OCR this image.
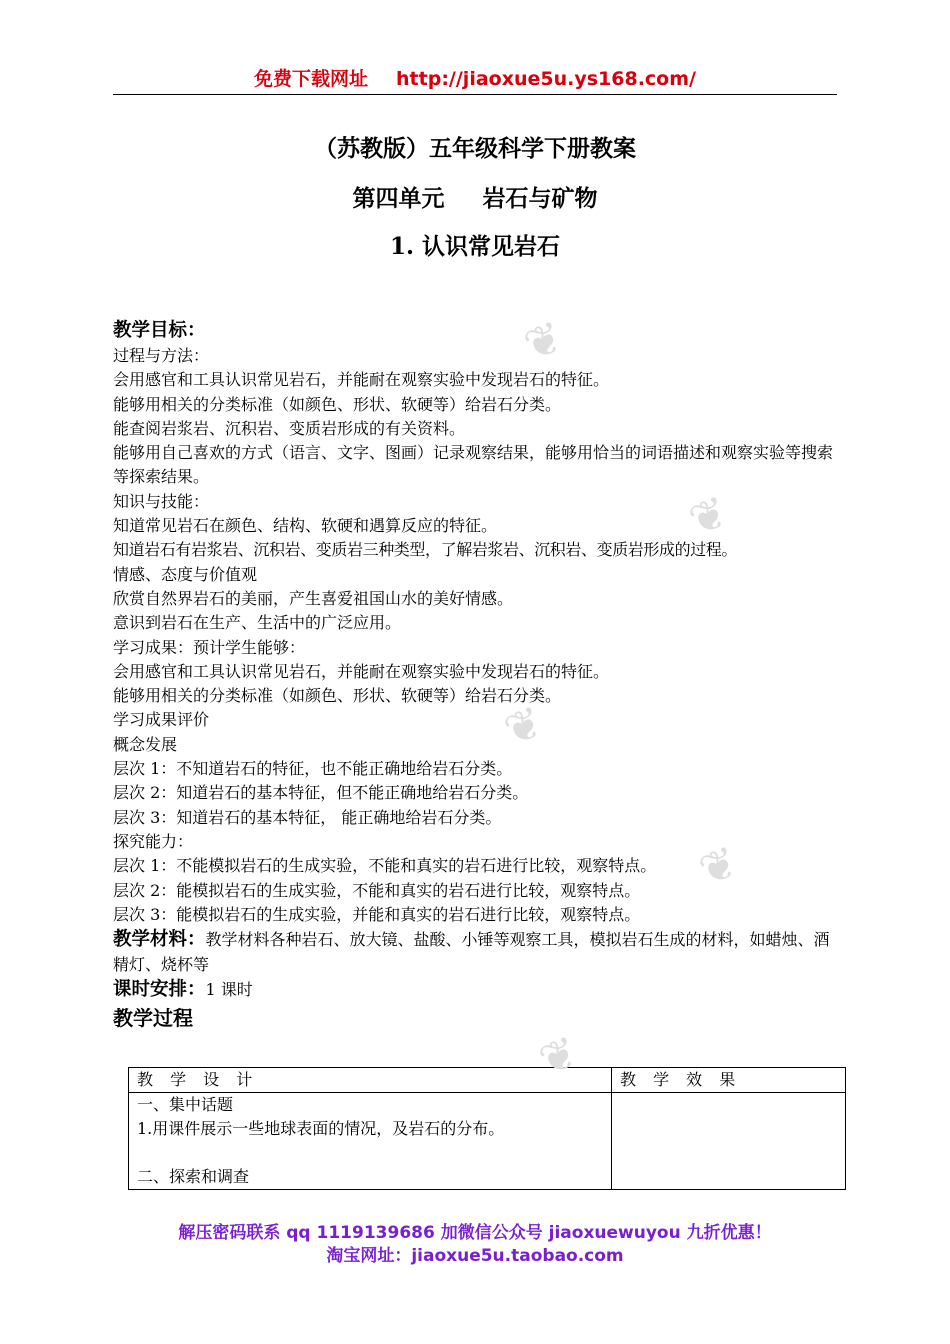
免费下载网址 http://jiaoxue5u.ys168.com/
（苏教版）五年级科学下册教案
第四单元 岩石与矿物
1. 认识常见岩石
教学目标：
过程与方法：
会用感官和工具认识常见岩石，并能耐在观察实验中发现岩石的特征。
能够用相关的分类标准（如颜色、形状、软硬等）给岩石分类。
能查阅岩浆岩、沉积岩、变质岩形成的有关资料。
能够用自己喜欢的方式（语言、文字、图画）记录观察结果，能够用恰当的词语描述和观察实验等搜索等探索结果。
知识与技能：
知道常见岩石在颜色、结构、软硬和遇算反应的特征。
知道岩石有岩浆岩、沉积岩、变质岩三种类型，了解岩浆岩、沉积岩、变质岩形成的过程。
情感、态度与价值观
欣赏自然界岩石的美丽，产生喜爱祖国山水的美好情感。
意识到岩石在生产、生活中的广泛应用。
学习成果：预计学生能够：
会用感官和工具认识常见岩石，并能耐在观察实验中发现岩石的特征。
能够用相关的分类标准（如颜色、形状、软硬等）给岩石分类。
学习成果评价
概念发展
层次 1：不知道岩石的特征，也不能正确地给岩石分类。
层次 2：知道岩石的基本特征，但不能正确地给岩石分类。
层次 3：知道岩石的基本特征， 能正确地给岩石分类。
探究能力：
层次 1：不能模拟岩石的生成实验，不能和真实的岩石进行比较，观察特点。
层次 2：能模拟岩石的生成实验，不能和真实的岩石进行比较，观察特点。
层次 3：能模拟岩石的生成实验，并能和真实的岩石进行比较，观察特点。
教学材料：教学材料各种岩石、放大镜、盐酸、小锤等观察工具，模拟岩石生成的材料，如蜡烛、酒精灯、烧杯等
课时安排：1 课时
教学过程
教 学 设 计	教 学 效 果

一、集中话题
1.用课件展示一些地球表面的情况，及岩石的分布。
二、探索和调查	

解压密码联系 qq 1119139686 加微信公众号 jiaoxuewuyou 九折优惠！
淘宝网址：jiaoxue5u.taobao.com
❦
❦
❦
❦
❦
